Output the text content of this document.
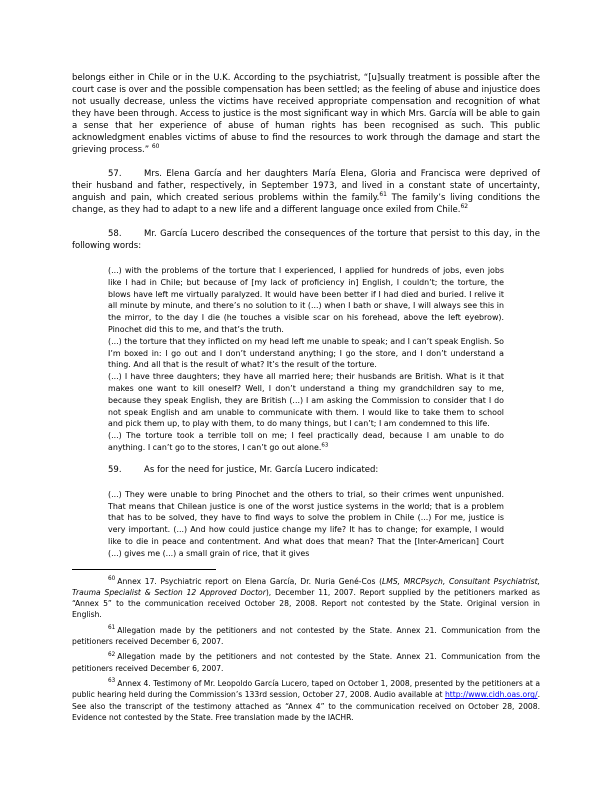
belongs either in Chile or in the U.K. According to the psychiatrist, “[u]sually treatment is possible after the court case is over and the possible compensation has been settled; as the feeling of abuse and injustice does not usually decrease, unless the victims have received appropriate compensation and recognition of what they have been through. Access to justice is the most significant way in which Mrs. García will be able to gain a sense that her experience of abuse of human rights has been recognised as such. This public acknowledgment enables victims of abuse to find the resources to work through the damage and start the grieving process.” $^{60}$

57.	Mrs. Elena García and her daughters María Elena, Gloria and Francisca were deprived of their husband and father, respectively, in September 1973, and lived in a constant state of uncertainty, anguish and pain, which created serious problems within the family.$^{61}$ The family’s living conditions the change, as they had to adapt to a new life and a different language once exiled from Chile.$^{62}$

58.	Mr. García Lucero described the consequences of the torture that persist to this day, in the following words:

(...) with the problems of the torture that I experienced, I applied for hundreds of jobs, even jobs like I had in Chile; but because of [my lack of proficiency in] English, I couldn’t; the torture, the blows have left me virtually paralyzed. It would have been better if I had died and buried. I relive it all minute by minute, and there’s no solution to it (...) when I bath or shave, I will always see this in the mirror, to the day I die (he touches a visible scar on his forehead, above the left eyebrow). Pinochet did this to me, and that’s the truth.

(...) the torture that they inflicted on my head left me unable to speak; and I can’t speak English. So I’m boxed in: I go out and I don’t understand anything; I go the store, and I don’t understand a thing. And all that is the result of what? It’s the result of the torture.

(...) I have three daughters; they have all married here; their husbands are British. What is it that makes one want to kill oneself? Well, I don’t understand a thing my grandchildren say to me, because they speak English, they are British (...) I am asking the Commission to consider that I do not speak English and am unable to communicate with them. I would like to take them to school and pick them up, to play with them, to do many things, but I can’t; I am condemned to this life.

(...) The torture took a terrible toll on me; I feel practically dead, because I am unable to do anything. I can’t go to the stores, I can’t go out alone.$^{63}$

59.	As for the need for justice, Mr. García Lucero indicated:

(...) They were unable to bring Pinochet and the others to trial, so their crimes went unpunished. That means that Chilean justice is one of the worst justice systems in the world; that is a problem that has to be solved, they have to find ways to solve the problem in Chile (...) For me, justice is very important. (...) And how could justice change my life? It has to change; for example, I would like to die in peace and contentment. And what does that mean? That the [Inter-American] Court (...) gives me (...) a small grain of rice, that it gives

$^{60}$ Annex 17. Psychiatric report on Elena García, Dr. Nuria Gené-Cos (LMS, MRCPsych, Consultant Psychiatrist, Trauma Specialist & Section 12 Approved Doctor), December 11, 2007. Report supplied by the petitioners marked as “Annex 5” to the communication received October 28, 2008. Report not contested by the State. Original version in English.

$^{61}$ Allegation made by the petitioners and not contested by the State. Annex 21. Communication from the petitioners received December 6, 2007.

$^{62}$ Allegation made by the petitioners and not contested by the State. Annex 21. Communication from the petitioners received December 6, 2007.

$^{63}$ Annex 4. Testimony of Mr. Leopoldo García Lucero, taped on October 1, 2008, presented by the petitioners at a public hearing held during the Commission’s 133rd session, October 27, 2008. Audio available at http://www.cidh.oas.org/. See also the transcript of the testimony attached as “Annex 4” to the communication received on October 28, 2008. Evidence not contested by the State. Free translation made by the IACHR.
